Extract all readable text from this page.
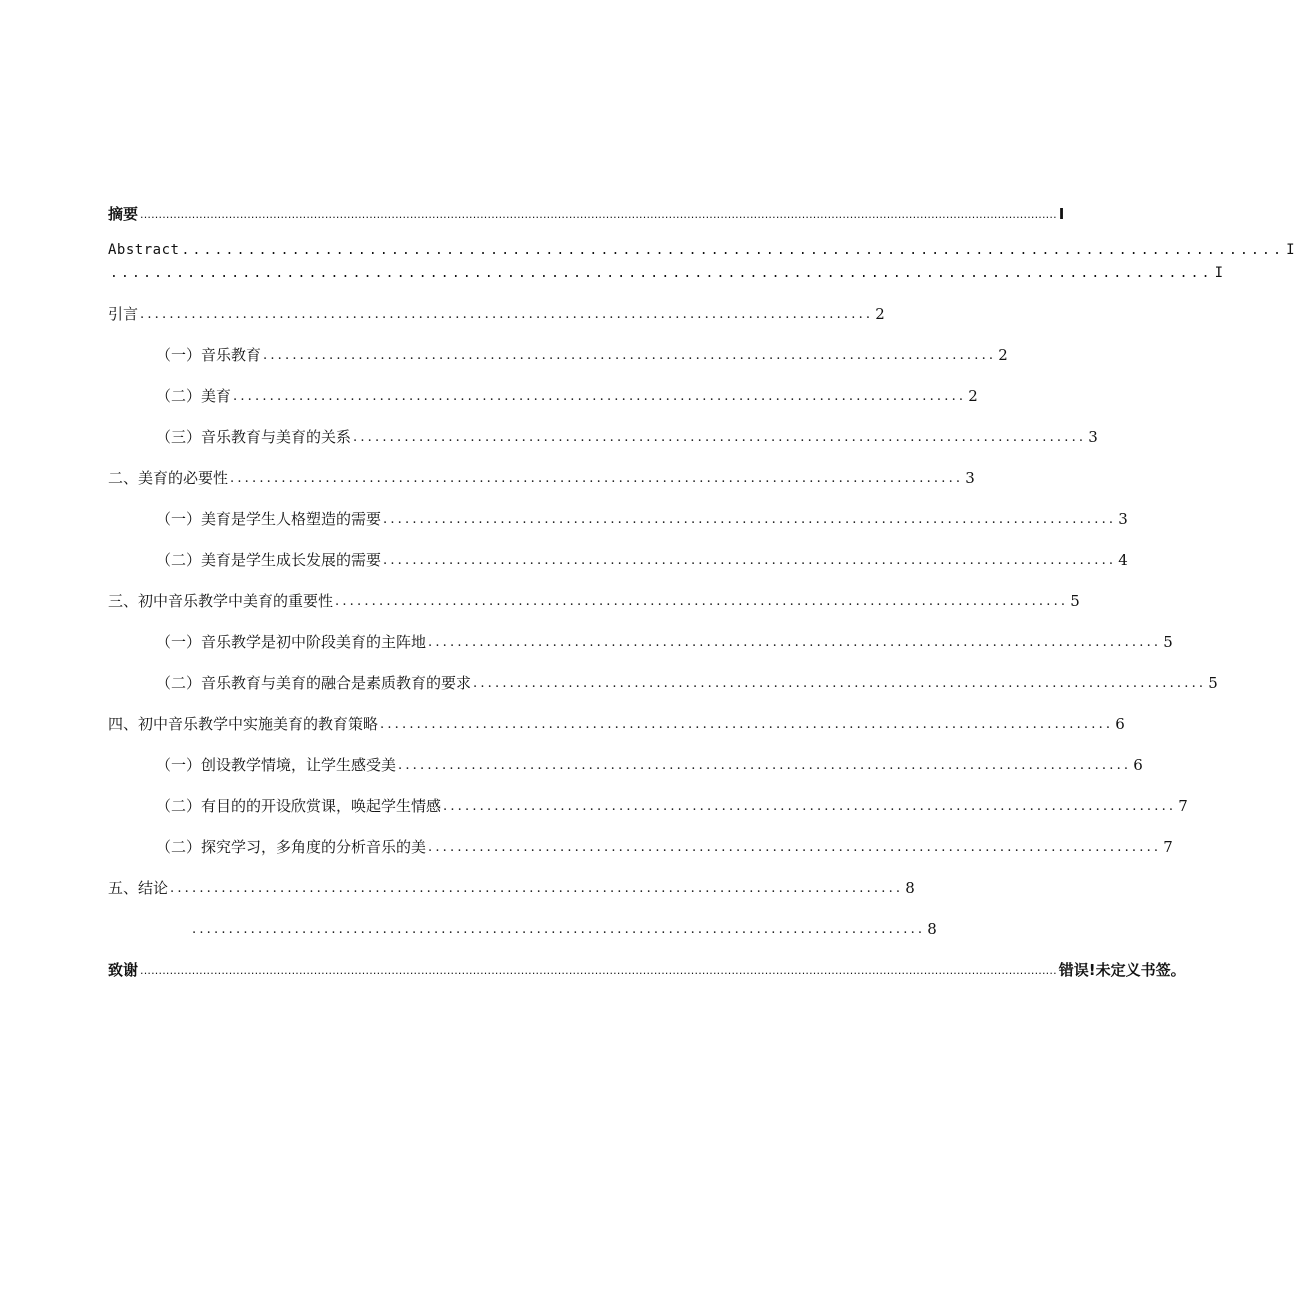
摘要 ........................................................................................................................................................................................................................................................ I
Abstract .................................................................................................... I
.................................................................................................... I
引言 .................................................................................................... 2
（一）音乐教育 .................................................................................................... 2
（二）美育 .................................................................................................... 2
（三）音乐教育与美育的关系 .................................................................................................... 3
二、美育的必要性 .................................................................................................... 3
（一）美育是学生人格塑造的需要 .................................................................................................... 3
（二）美育是学生成长发展的需要 .................................................................................................... 4
三、初中音乐教学中美育的重要性 .................................................................................................... 5
（一）音乐教学是初中阶段美育的主阵地 .................................................................................................... 5
（二）音乐教育与美育的融合是素质教育的要求 .................................................................................................... 5
四、初中音乐教学中实施美育的教育策略 .................................................................................................... 6
（一）创设教学情境，让学生感受美 .................................................................................................... 6
（二）有目的的开设欣赏课，唤起学生情感 .................................................................................................... 7
（二）探究学习，多角度的分析音乐的美 .................................................................................................... 7
五、结论 .................................................................................................... 8
.................................................................................................... 8
致谢 ........................................................................................................................................................................................................................................................ 错误!未定义书签。
